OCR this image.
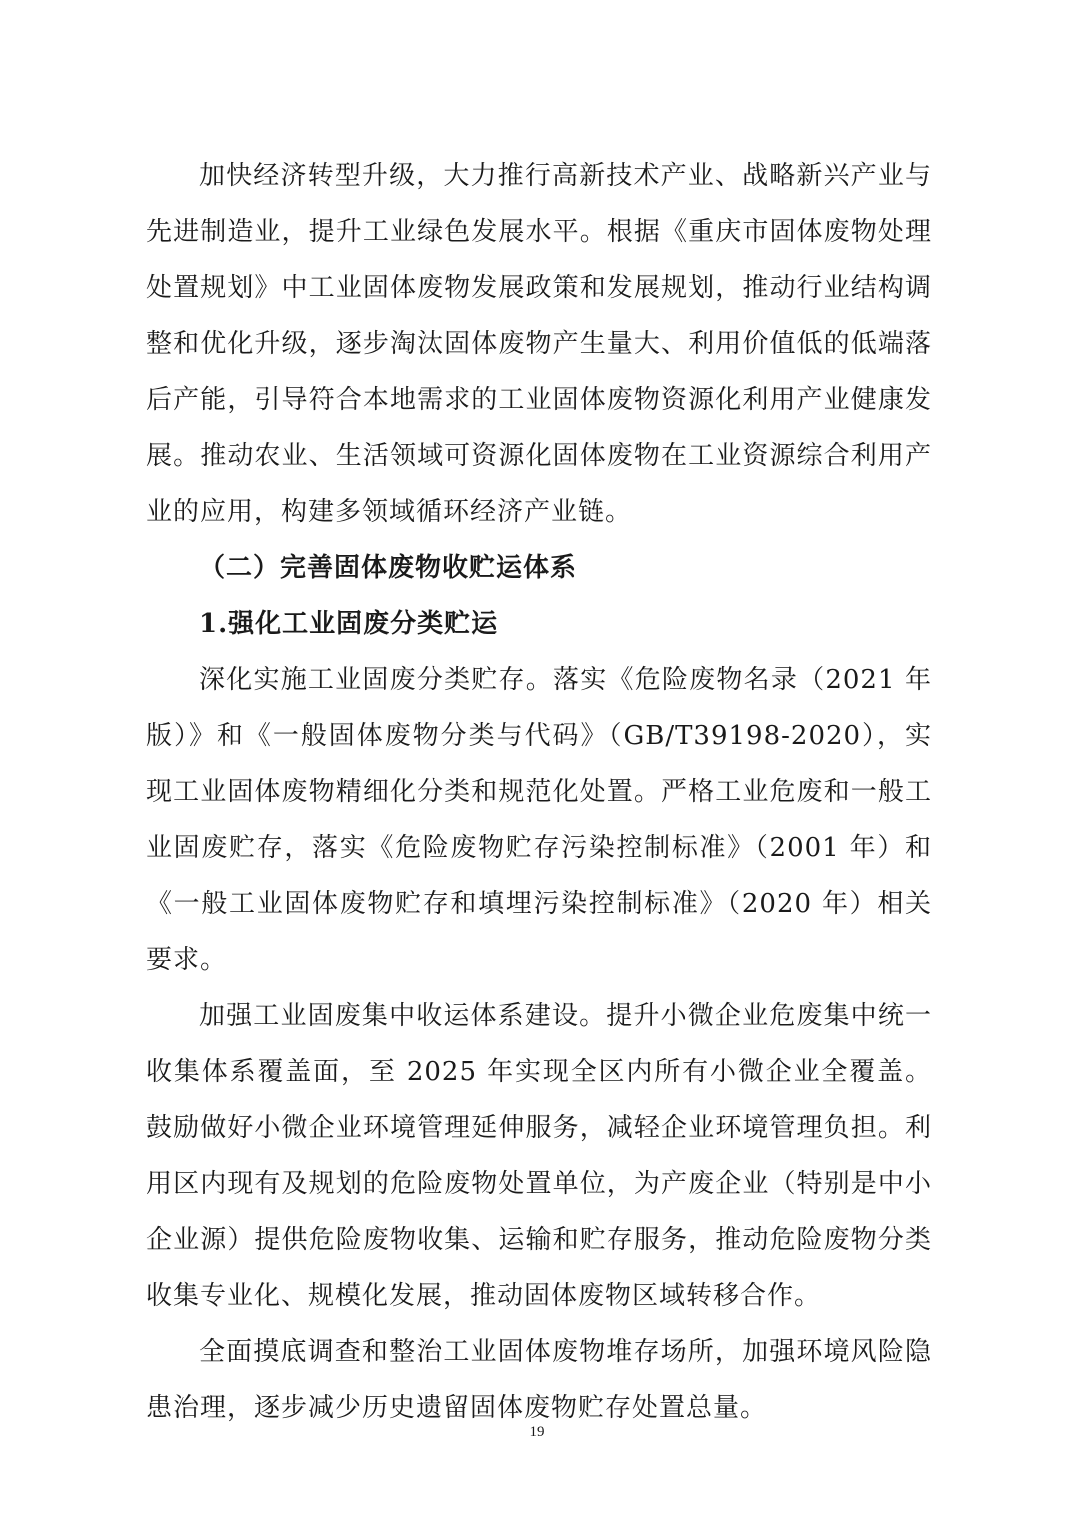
加快经济转型升级，大力推行高新技术产业、战略新兴产业与先进制造业，提升工业绿色发展水平。根据《重庆市固体废物处理处置规划》中工业固体废物发展政策和发展规划，推动行业结构调整和优化升级，逐步淘汰固体废物产生量大、利用价值低的低端落后产能，引导符合本地需求的工业固体废物资源化利用产业健康发展。推动农业、生活领域可资源化固体废物在工业资源综合利用产业的应用，构建多领域循环经济产业链。

（二）完善固体废物收贮运体系

1.强化工业固废分类贮运

深化实施工业固废分类贮存。落实《危险废物名录（2021 年版）》和《一般固体废物分类与代码》（GB/T39198-2020），实现工业固体废物精细化分类和规范化处置。严格工业危废和一般工业固废贮存，落实《危险废物贮存污染控制标准》（2001 年）和《一般工业固体废物贮存和填埋污染控制标准》（2020 年）相关要求。

加强工业固废集中收运体系建设。提升小微企业危废集中统一收集体系覆盖面，至 2025 年实现全区内所有小微企业全覆盖。鼓励做好小微企业环境管理延伸服务，减轻企业环境管理负担。利用区内现有及规划的危险废物处置单位，为产废企业（特别是中小企业源）提供危险废物收集、运输和贮存服务，推动危险废物分类收集专业化、规模化发展，推动固体废物区域转移合作。

全面摸底调查和整治工业固体废物堆存场所，加强环境风险隐患治理，逐步减少历史遗留固体废物贮存处置总量。

19
